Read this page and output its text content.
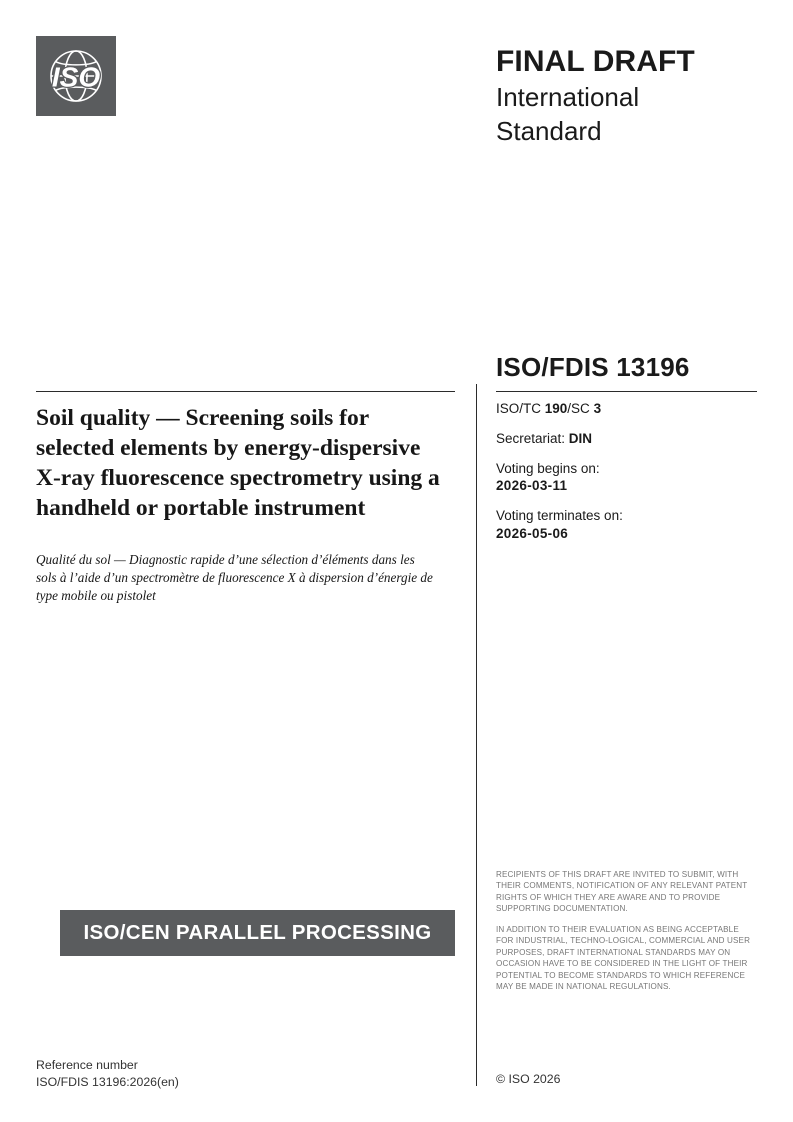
ISO	FINAL DRAFT
International
Standard
ISO/FDIS 13196
Soil quality — Screening soils for selected elements by energy-dispersive X-ray fluorescence spectrometry using a handheld or portable instrument
Qualité du sol — Diagnostic rapide d’une sélection d’éléments dans les sols à l’aide d’un spectromètre de fluorescence X à dispersion d’énergie de type mobile ou pistolet
ISO/TC 190/SC 3
Secretariat: DIN
Voting begins on:
2026-03-11
Voting terminates on:
2026-05-06

RECIPIENTS OF THIS DRAFT ARE INVITED TO SUBMIT, WITH THEIR COMMENTS, NOTIFICATION OF ANY RELEVANT PATENT RIGHTS OF WHICH THEY ARE AWARE AND TO PROVIDE SUPPORTING DOCUMENTATION.

IN ADDITION TO THEIR EVALUATION AS BEING ACCEPTABLE FOR INDUSTRIAL, TECHNO-LOGICAL, COMMERCIAL AND USER PURPOSES, DRAFT INTERNATIONAL STANDARDS MAY ON OCCASION HAVE TO BE CONSIDERED IN THE LIGHT OF THEIR POTENTIAL TO BECOME STANDARDS TO WHICH REFERENCE MAY BE MADE IN NATIONAL REGULATIONS.

ISO/CEN PARALLEL PROCESSING
Reference number
ISO/FDIS 13196:2026(en)	© ISO 2026
